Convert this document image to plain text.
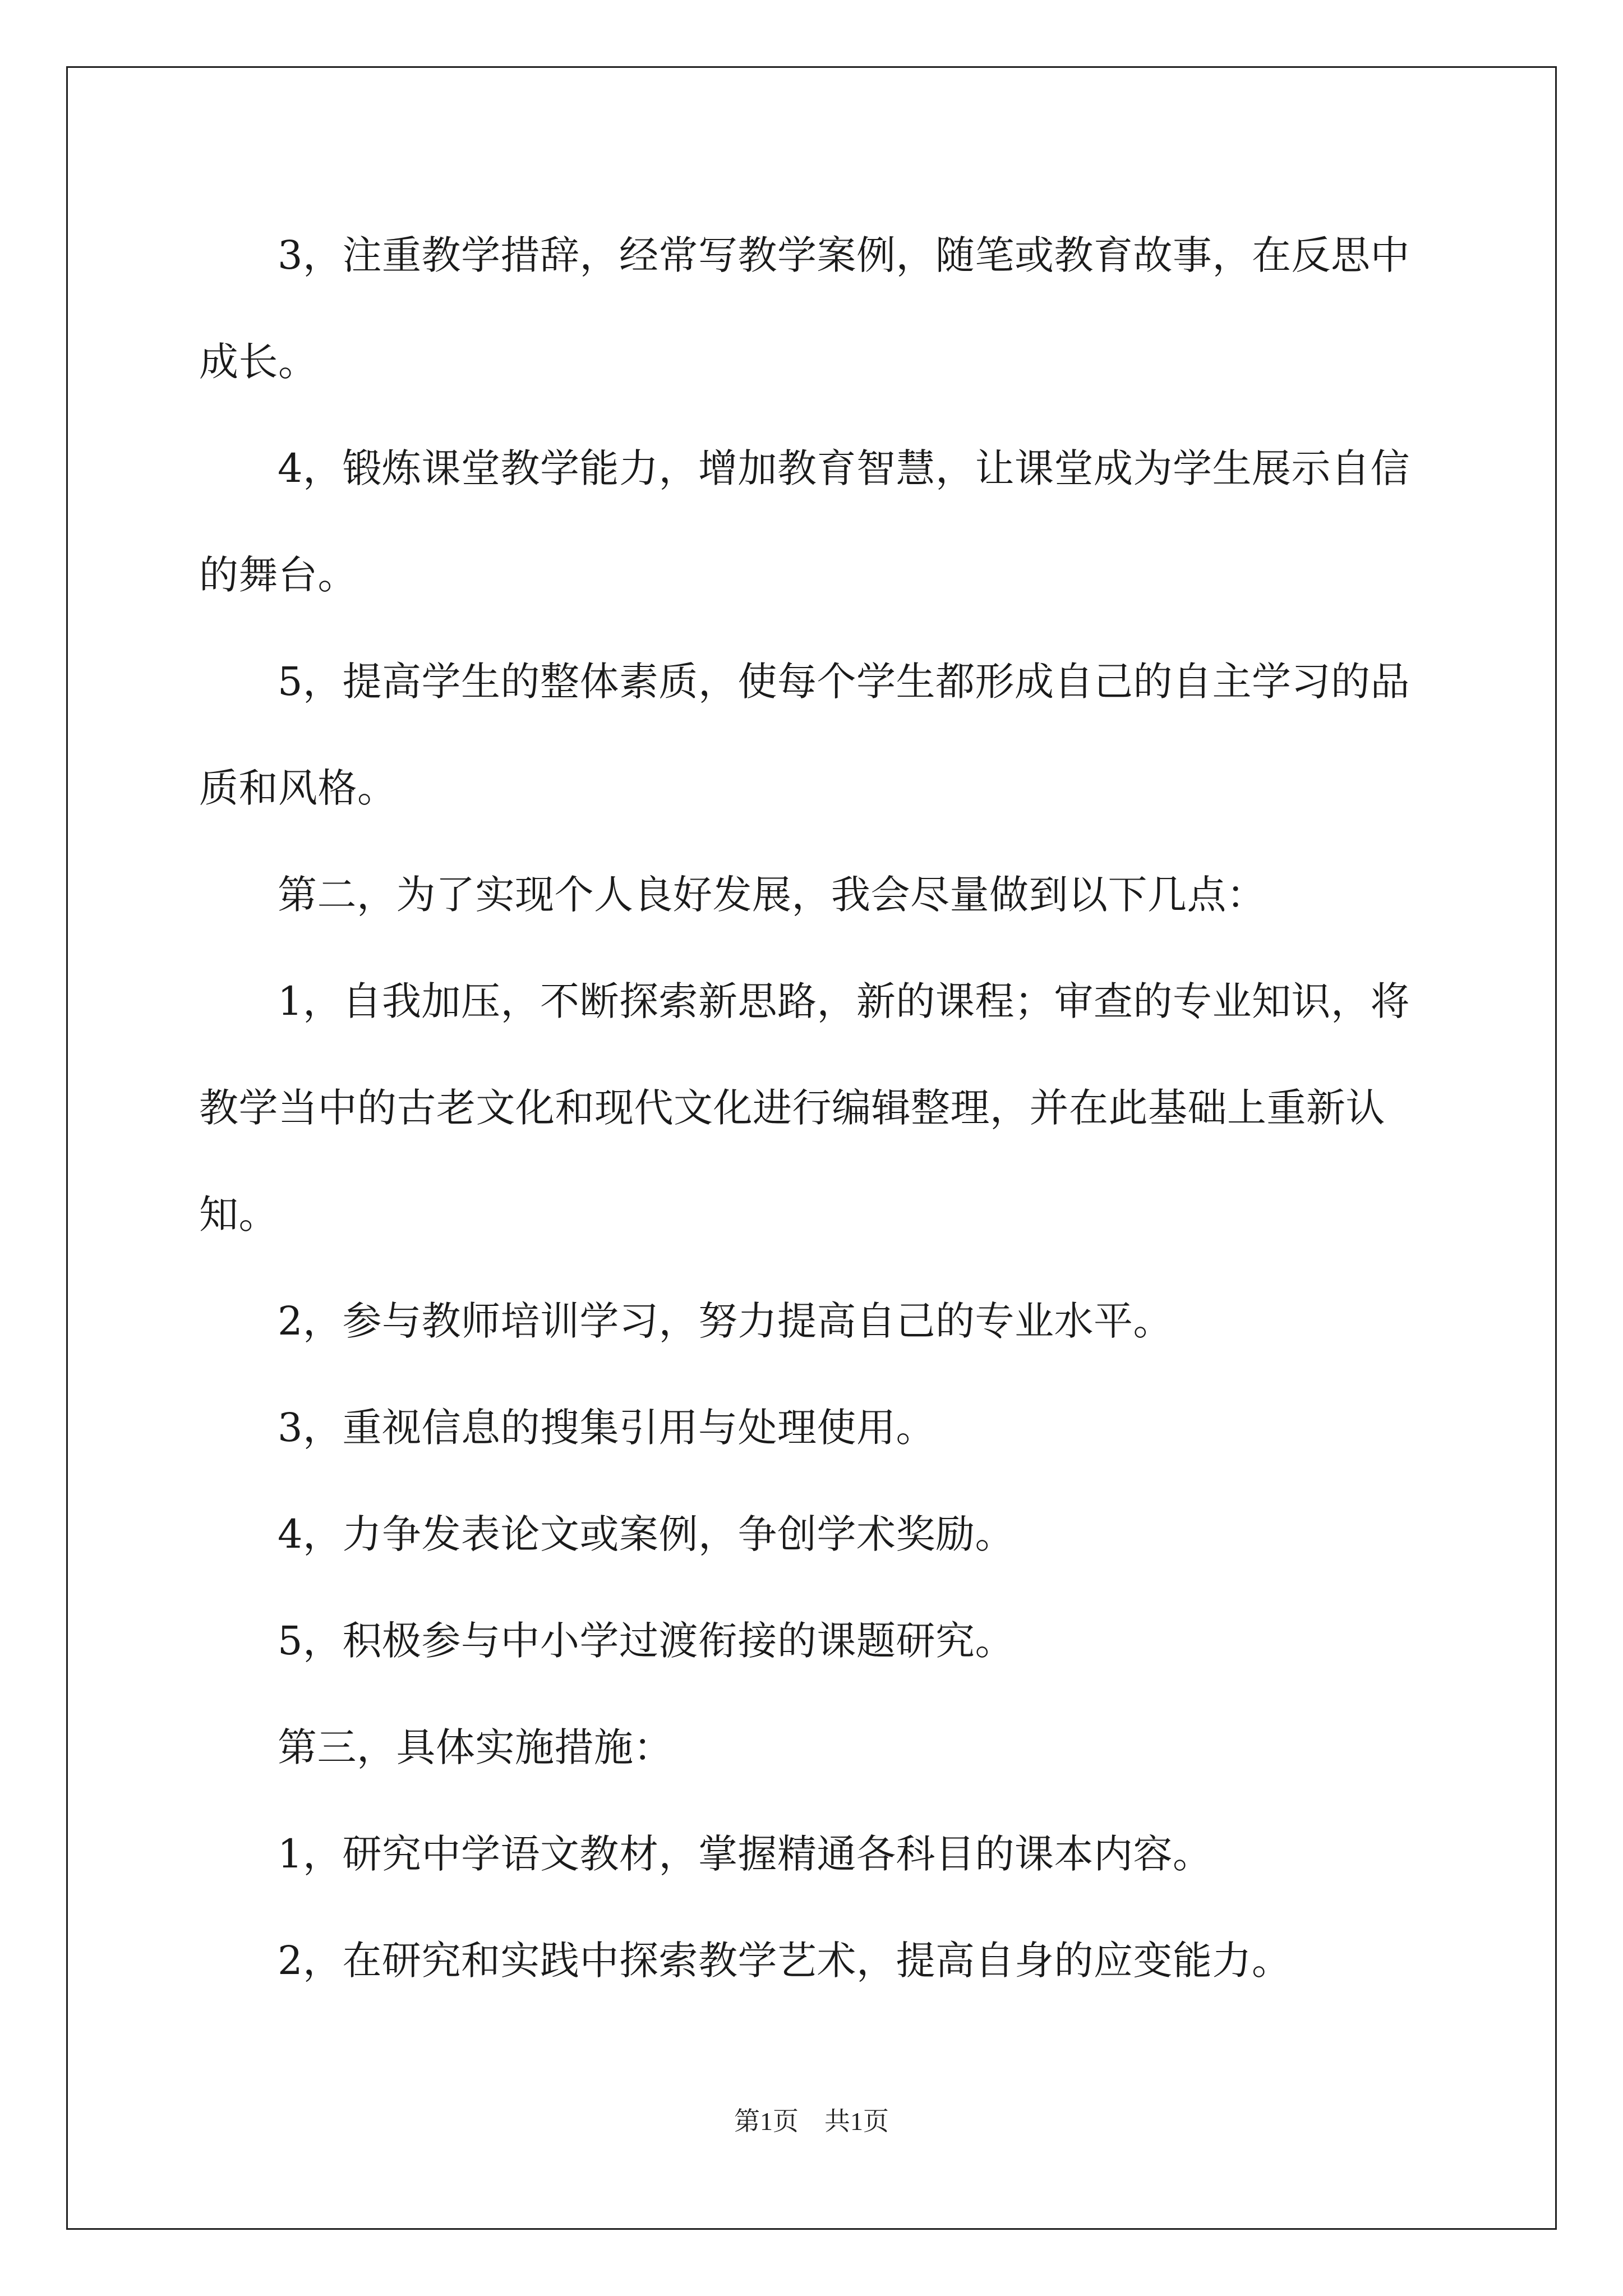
3，注重教学措辞，经常写教学案例，随笔或教育故事，在反思中成长。

4，锻炼课堂教学能力，增加教育智慧，让课堂成为学生展示自信的舞台。

5，提高学生的整体素质，使每个学生都形成自己的自主学习的品质和风格。

第二，为了实现个人良好发展，我会尽量做到以下几点：

1，自我加压，不断探索新思路，新的课程；审查的专业知识，将教学当中的古老文化和现代文化进行编辑整理，并在此基础上重新认知。

2，参与教师培训学习，努力提高自己的专业水平。

3，重视信息的搜集引用与处理使用。

4，力争发表论文或案例，争创学术奖励。

5，积极参与中小学过渡衔接的课题研究。

第三，具体实施措施：

1，研究中学语文教材，掌握精通各科目的课本内容。

2，在研究和实践中探索教学艺术，提高自身的应变能力。

第1页　共1页
